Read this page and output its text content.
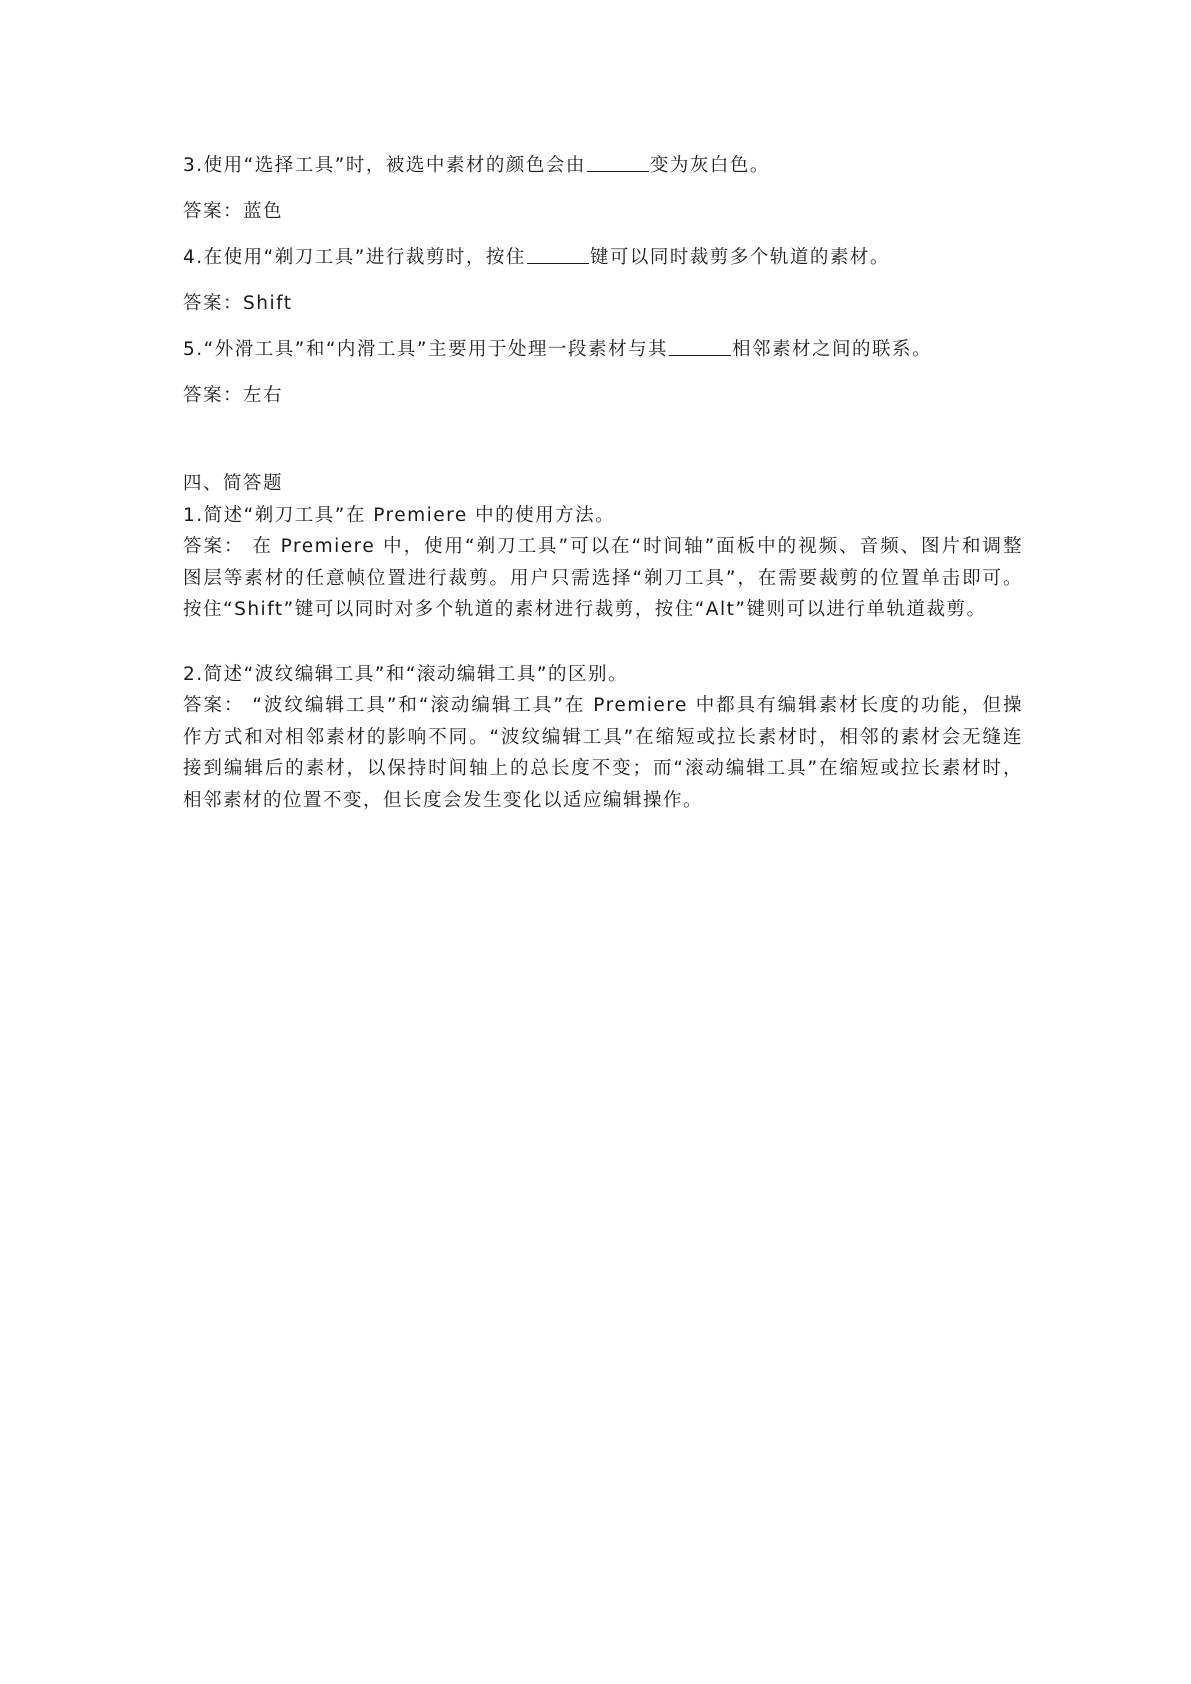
3.使用“选择工具”时，被选中素材的颜色会由	变为灰白色。
答案：蓝色
4.在使用“剃刀工具”进行裁剪时，按住	键可以同时裁剪多个轨道的素材。
答案：Shift
5.“外滑工具”和“内滑工具”主要用于处理一段素材与其	相邻素材之间的联系。
答案：左右
四、简答题
1.简述“剃刀工具”在 Premiere 中的使用方法。
答案： 在 Premiere 中，使用“剃刀工具”可以在“时间轴”面板中的视频、音频、图片和调整图层等素材的任意帧位置进行裁剪。用户只需选择“剃刀工具”，在需要裁剪的位置单击即可。按住“Shift”键可以同时对多个轨道的素材进行裁剪，按住“Alt”键则可以进行单轨道裁剪。
2.简述“波纹编辑工具”和“滚动编辑工具”的区别。
答案： “波纹编辑工具”和“滚动编辑工具”在 Premiere 中都具有编辑素材长度的功能，但操作方式和对相邻素材的影响不同。“波纹编辑工具”在缩短或拉长素材时，相邻的素材会无缝连接到编辑后的素材，以保持时间轴上的总长度不变；而“滚动编辑工具”在缩短或拉长素材时，相邻素材的位置不变，但长度会发生变化以适应编辑操作。
